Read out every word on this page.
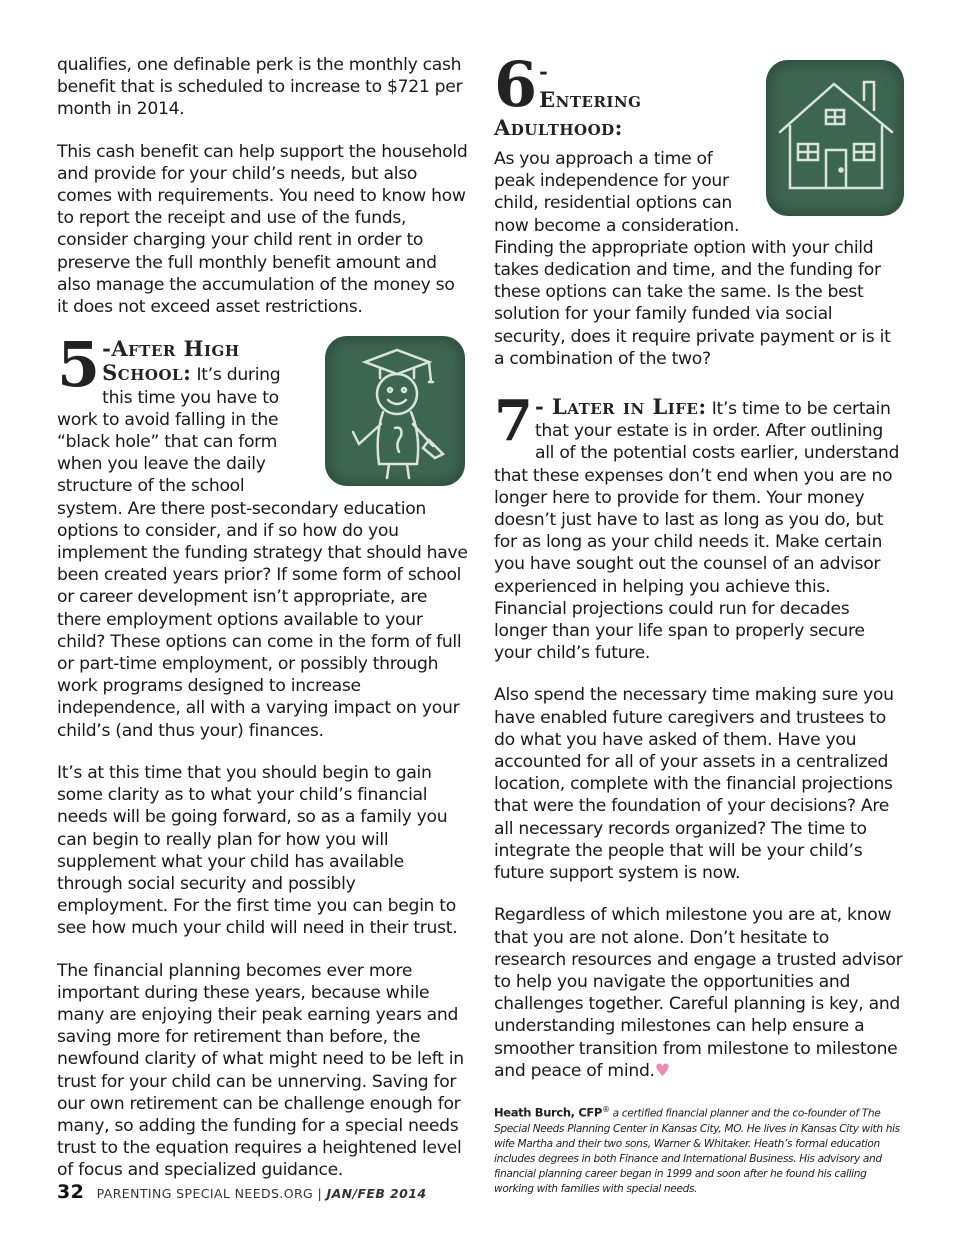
qualifies, one definable perk is the monthly cash benefit that is scheduled to increase to $721 per month in 2014.

This cash benefit can help support the household and provide for your child’s needs, but also comes with requirements. You need to know how to report the receipt and use of the funds, consider charging your child rent in order to preserve the full monthly benefit amount and also manage the accumulation of the money so it does not exceed asset restrictions.

5 -After High School: It’s during this time you have to work to avoid falling in the “black hole” that can form when you leave the daily structure of the school system. Are there post-secondary education options to consider, and if so how do you implement the funding strategy that should have been created years prior? If some form of school or career development isn’t appropriate, are there employment options available to your child? These options can come in the form of full or part-time employment, or possibly through work programs designed to increase independence, all with a varying impact on your child’s (and thus your) finances.

It’s at this time that you should begin to gain some clarity as to what your child’s financial needs will be going forward, so as a family you can begin to really plan for how you will supplement what your child has available through social security and possibly employment. For the first time you can begin to see how much your child will need in their trust.

The financial planning becomes ever more important during these years, because while many are enjoying their peak earning years and saving more for retirement than before, the newfound clarity of what might need to be left in trust for your child can be unnerving. Saving for our own retirement can be challenge enough for many, so adding the funding for a special needs trust to the equation requires a heightened level of focus and specialized guidance.

6 - Entering Adulthood:
As you approach a time of peak independence for your child, residential options can now become a consideration. Finding the appropriate option with your child takes dedication and time, and the funding for these options can take the same. Is the best solution for your family funded via social security, does it require private payment or is it a combination of the two?
7 - Later in Life: It’s time to be certain that your estate is in order. After outlining all of the potential costs earlier, understand that these expenses don’t end when you are no longer here to provide for them. Your money doesn’t just have to last as long as you do, but for as long as your child needs it. Make certain you have sought out the counsel of an advisor experienced in helping you achieve this. Financial projections could run for decades longer than your life span to properly secure your child’s future.

Also spend the necessary time making sure you have enabled future caregivers and trustees to do what you have asked of them. Have you accounted for all of your assets in a centralized location, complete with the financial projections that were the foundation of your decisions? Are all necessary records organized? The time to integrate the people that will be your child’s future support system is now.

Regardless of which milestone you are at, know that you are not alone. Don’t hesitate to research resources and engage a trusted advisor to help you navigate the opportunities and challenges together. Careful planning is key, and understanding milestones can help ensure a smoother transition from milestone to milestone and peace of mind.♥

Heath Burch, CFP® a certified financial planner and the co-founder of The Special Needs Planning Center in Kansas City, MO. He lives in Kansas City with his wife Martha and their two sons, Warner & Whitaker. Heath’s formal education includes degrees in both Finance and International Business. His advisory and financial planning career began in 1999 and soon after he found his calling working with families with special needs.
32 PARENTING SPECIAL NEEDS.ORG | JAN/FEB 2014
